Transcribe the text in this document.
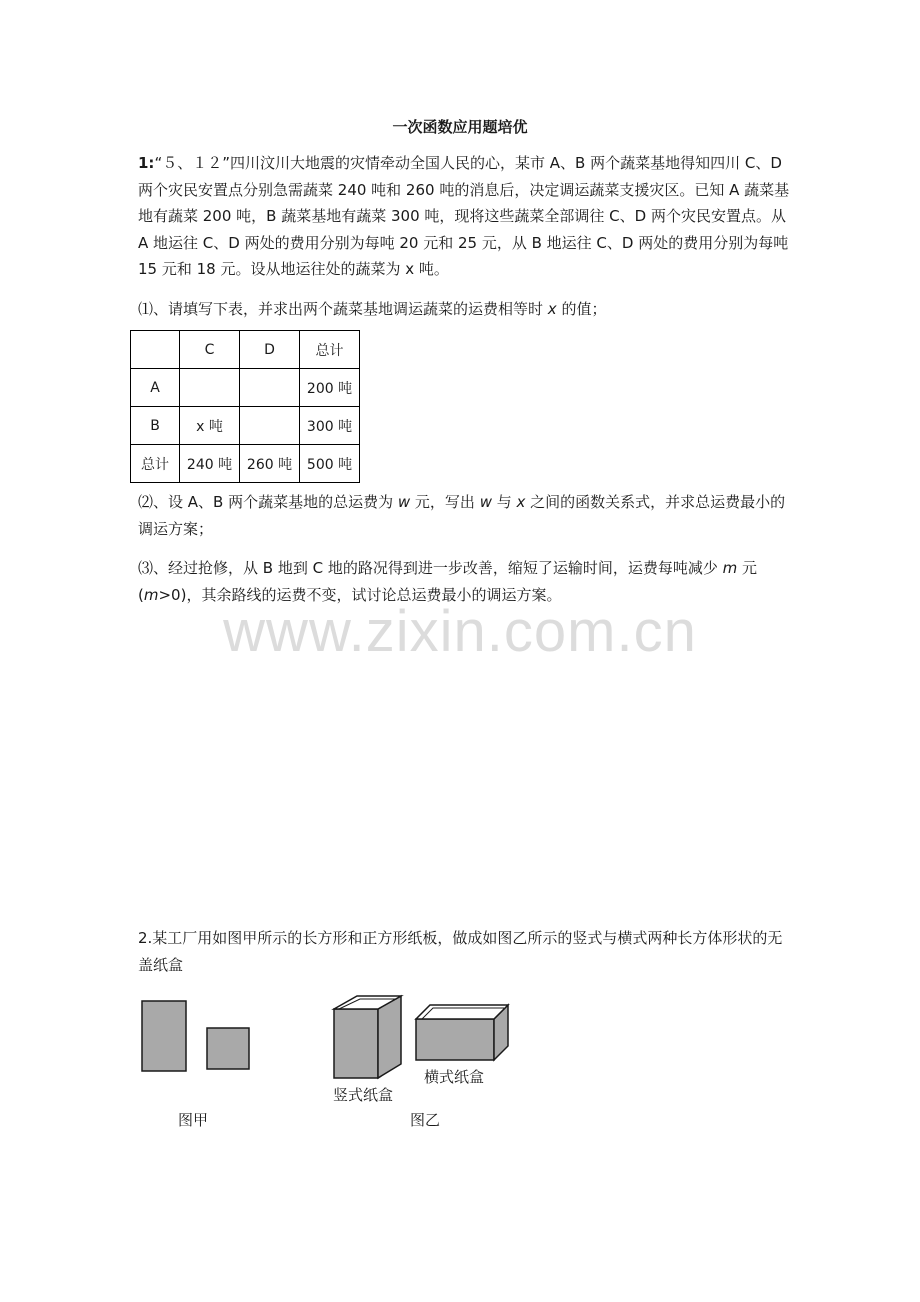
一次函数应用题培优

1:“５、１２”四川汶川大地震的灾情牵动全国人民的心，某市 A、B 两个蔬菜基地得知四川 C、D 两个灾民安置点分别急需蔬菜 240 吨和 260 吨的消息后，决定调运蔬菜支援灾区。已知 A 蔬菜基地有蔬菜 200 吨，B 蔬菜基地有蔬菜 300 吨，现将这些蔬菜全部调往 C、D 两个灾民安置点。从 A 地运往 C、D 两处的费用分别为每吨 20 元和 25 元，从 B 地运往 C、D 两处的费用分别为每吨 15 元和 18 元。设从地运往处的蔬菜为 x 吨。

⑴、请填写下表，并求出两个蔬菜基地调运蔬菜的运费相等时 x 的值；

	C	D	总计
A			200 吨
B	x 吨		300 吨
总计	240 吨	260 吨	500 吨

⑵、设 A、B 两个蔬菜基地的总运费为 w 元，写出 w 与 x 之间的函数关系式，并求总运费最小的调运方案；

⑶、经过抢修，从 B 地到 C 地的路况得到进一步改善，缩短了运输时间，运费每吨减少 m 元(m>0)，其余路线的运费不变，试讨论总运费最小的调运方案。

www.zixin.com.cn

2.某工厂用如图甲所示的长方形和正方形纸板，做成如图乙所示的竖式与横式两种长方体形状的无盖纸盒

图甲
竖式纸盒
横式纸盒
图乙
